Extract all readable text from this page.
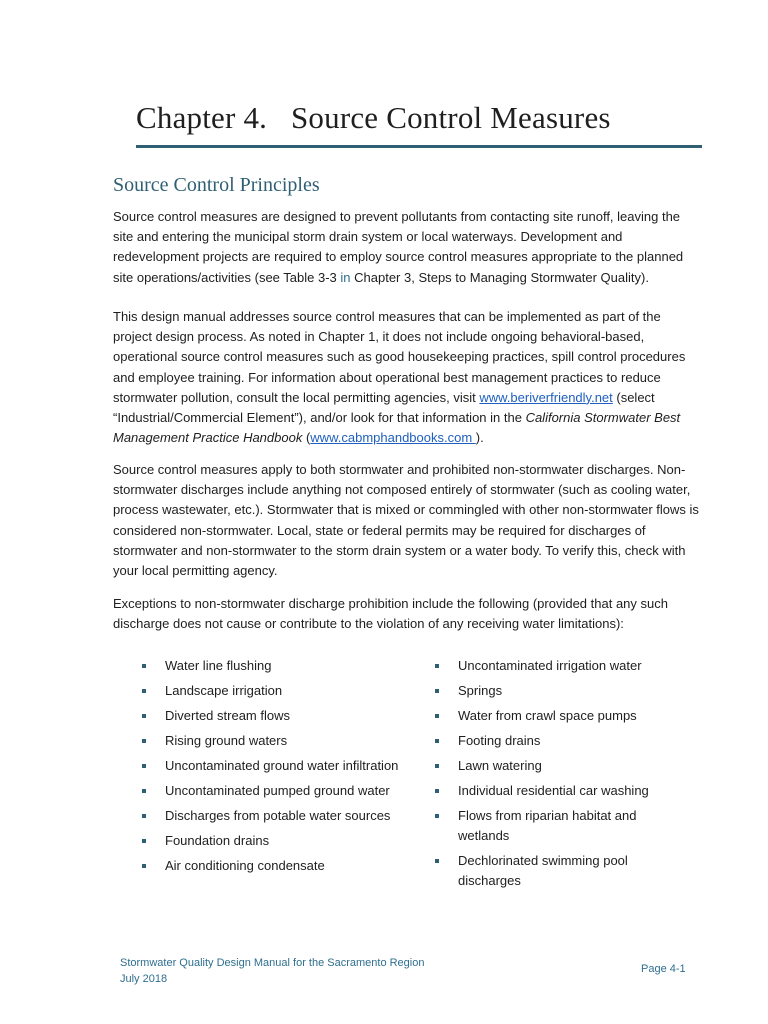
Chapter 4.   Source Control Measures
Source Control Principles
Source control measures are designed to prevent pollutants from contacting site runoff, leaving the site and entering the municipal storm drain system or local waterways. Development and redevelopment projects are required to employ source control measures appropriate to the planned site operations/activities (see Table 3-3 in Chapter 3, Steps to Managing Stormwater Quality).
This design manual addresses source control measures that can be implemented as part of the project design process. As noted in Chapter 1, it does not include ongoing behavioral-based, operational source control measures such as good housekeeping practices, spill control procedures and employee training. For information about operational best management practices to reduce stormwater pollution, consult the local permitting agencies, visit www.beriverfriendly.net (select “Industrial/Commercial Element”), and/or look for that information in the California Stormwater Best Management Practice Handbook (www.cabmphandbooks.com ).
Source control measures apply to both stormwater and prohibited non-stormwater discharges. Non-stormwater discharges include anything not composed entirely of stormwater (such as cooling water, process wastewater, etc.). Stormwater that is mixed or commingled with other non-stormwater flows is considered non-stormwater. Local, state or federal permits may be required for discharges of stormwater and non-stormwater to the storm drain system or a water body. To verify this, check with your local permitting agency.
Exceptions to non-stormwater discharge prohibition include the following (provided that any such discharge does not cause or contribute to the violation of any receiving water limitations):
Water line flushing
Landscape irrigation
Diverted stream flows
Rising ground waters
Uncontaminated ground water infiltration
Uncontaminated pumped ground water
Discharges from potable water sources
Foundation drains
Air conditioning condensate
Uncontaminated irrigation water
Springs
Water from crawl space pumps
Footing drains
Lawn watering
Individual residential car washing
Flows from riparian habitat and wetlands
Dechlorinated swimming pool discharges
Stormwater Quality Design Manual for the Sacramento Region
July 2018
Page 4-1
